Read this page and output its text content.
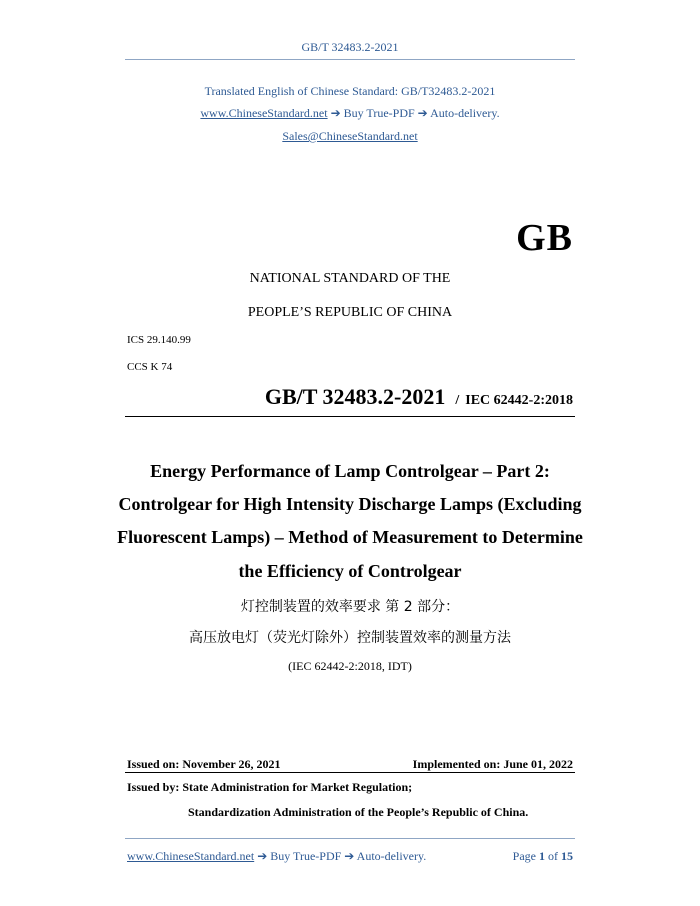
GB/T 32483.2-2021
Translated English of Chinese Standard: GB/T32483.2-2021
www.ChineseStandard.net ➔ Buy True-PDF ➔ Auto-delivery.
Sales@ChineseStandard.net
GB
NATIONAL STANDARD OF THE
PEOPLE’S REPUBLIC OF CHINA
ICS 29.140.99
CCS K 74
GB/T 32483.2-2021 / IEC 62442-2:2018
Energy Performance of Lamp Controlgear – Part 2:
Controlgear for High Intensity Discharge Lamps (Excluding
Fluorescent Lamps) – Method of Measurement to Determine
the Efficiency of Controlgear
灯控制装置的效率要求 第 2 部分：
高压放电灯（荧光灯除外）控制装置效率的测量方法
(IEC 62442-2:2018, IDT)
Issued on: November 26, 2021	Implemented on: June 01, 2022
Issued by: State Administration for Market Regulation;
Standardization Administration of the People’s Republic of China.
www.ChineseStandard.net ➔ Buy True-PDF ➔ Auto-delivery.	Page 1 of 15
